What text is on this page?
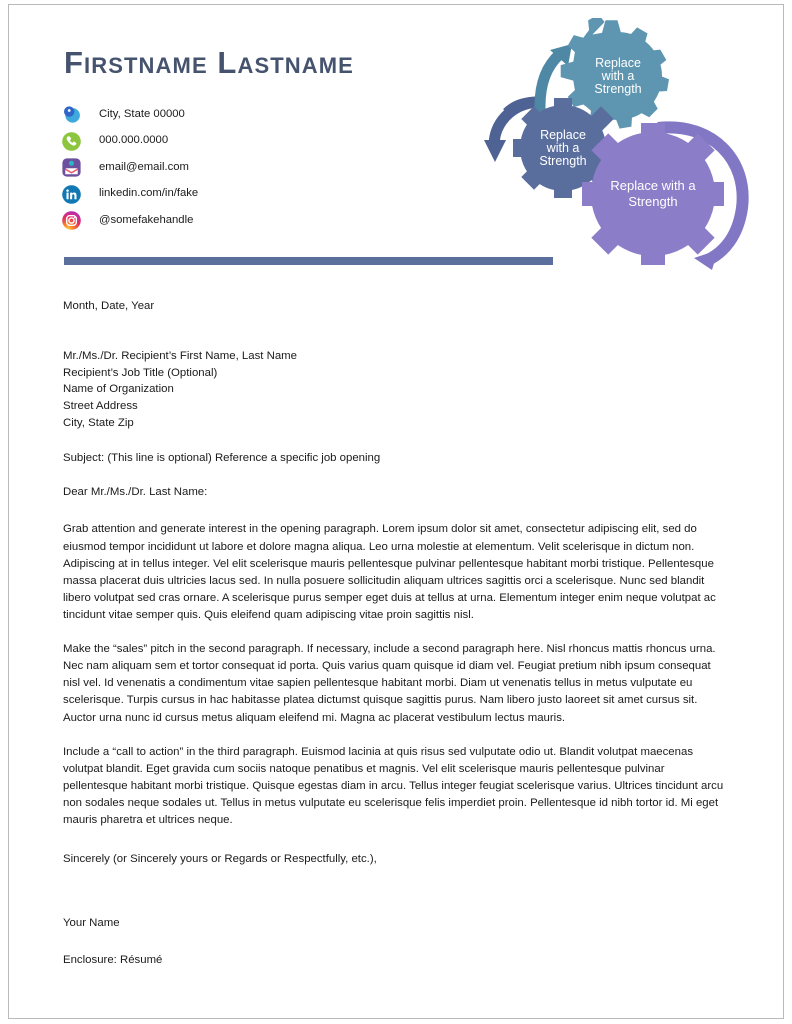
Firstname Lastname
City, State 00000
000.000.0000
email@email.com
linkedin.com/in/fake
@somefakehandle
Replace
with a
Strength
Replace
with a
Strength
Replace with a
Strength
Month, Date, Year
Mr./Ms./Dr. Recipient’s First Name, Last Name
Recipient’s Job Title (Optional)
Name of Organization
Street Address
City, State Zip
Subject: (This line is optional) Reference a specific job opening
Dear Mr./Ms./Dr. Last Name:
Grab attention and generate interest in the opening paragraph. Lorem ipsum dolor sit amet, consectetur adipiscing elit, sed do eiusmod tempor incididunt ut labore et dolore magna aliqua. Leo urna molestie at elementum. Velit scelerisque in dictum non. Adipiscing at in tellus integer. Vel elit scelerisque mauris pellentesque pulvinar pellentesque habitant morbi tristique. Pellentesque massa placerat duis ultricies lacus sed. In nulla posuere sollicitudin aliquam ultrices sagittis orci a scelerisque. Nunc sed blandit libero volutpat sed cras ornare. A scelerisque purus semper eget duis at tellus at urna. Elementum integer enim neque volutpat ac tincidunt vitae semper quis. Quis eleifend quam adipiscing vitae proin sagittis nisl.
Make the “sales” pitch in the second paragraph. If necessary, include a second paragraph here. Nisl rhoncus mattis rhoncus urna. Nec nam aliquam sem et tortor consequat id porta. Quis varius quam quisque id diam vel. Feugiat pretium nibh ipsum consequat nisl vel. Id venenatis a condimentum vitae sapien pellentesque habitant morbi. Diam ut venenatis tellus in metus vulputate eu scelerisque. Turpis cursus in hac habitasse platea dictumst quisque sagittis purus. Nam libero justo laoreet sit amet cursus sit. Auctor urna nunc id cursus metus aliquam eleifend mi. Magna ac placerat vestibulum lectus mauris.
Include a “call to action” in the third paragraph. Euismod lacinia at quis risus sed vulputate odio ut. Blandit volutpat maecenas volutpat blandit. Eget gravida cum sociis natoque penatibus et magnis. Vel elit scelerisque mauris pellentesque pulvinar pellentesque habitant morbi tristique. Quisque egestas diam in arcu. Tellus integer feugiat scelerisque varius. Ultrices tincidunt arcu non sodales neque sodales ut. Tellus in metus vulputate eu scelerisque felis imperdiet proin. Pellentesque id nibh tortor id. Mi eget mauris pharetra et ultrices neque.
Sincerely (or Sincerely yours or Regards or Respectfully, etc.),
Your Name
Enclosure: Résumé
